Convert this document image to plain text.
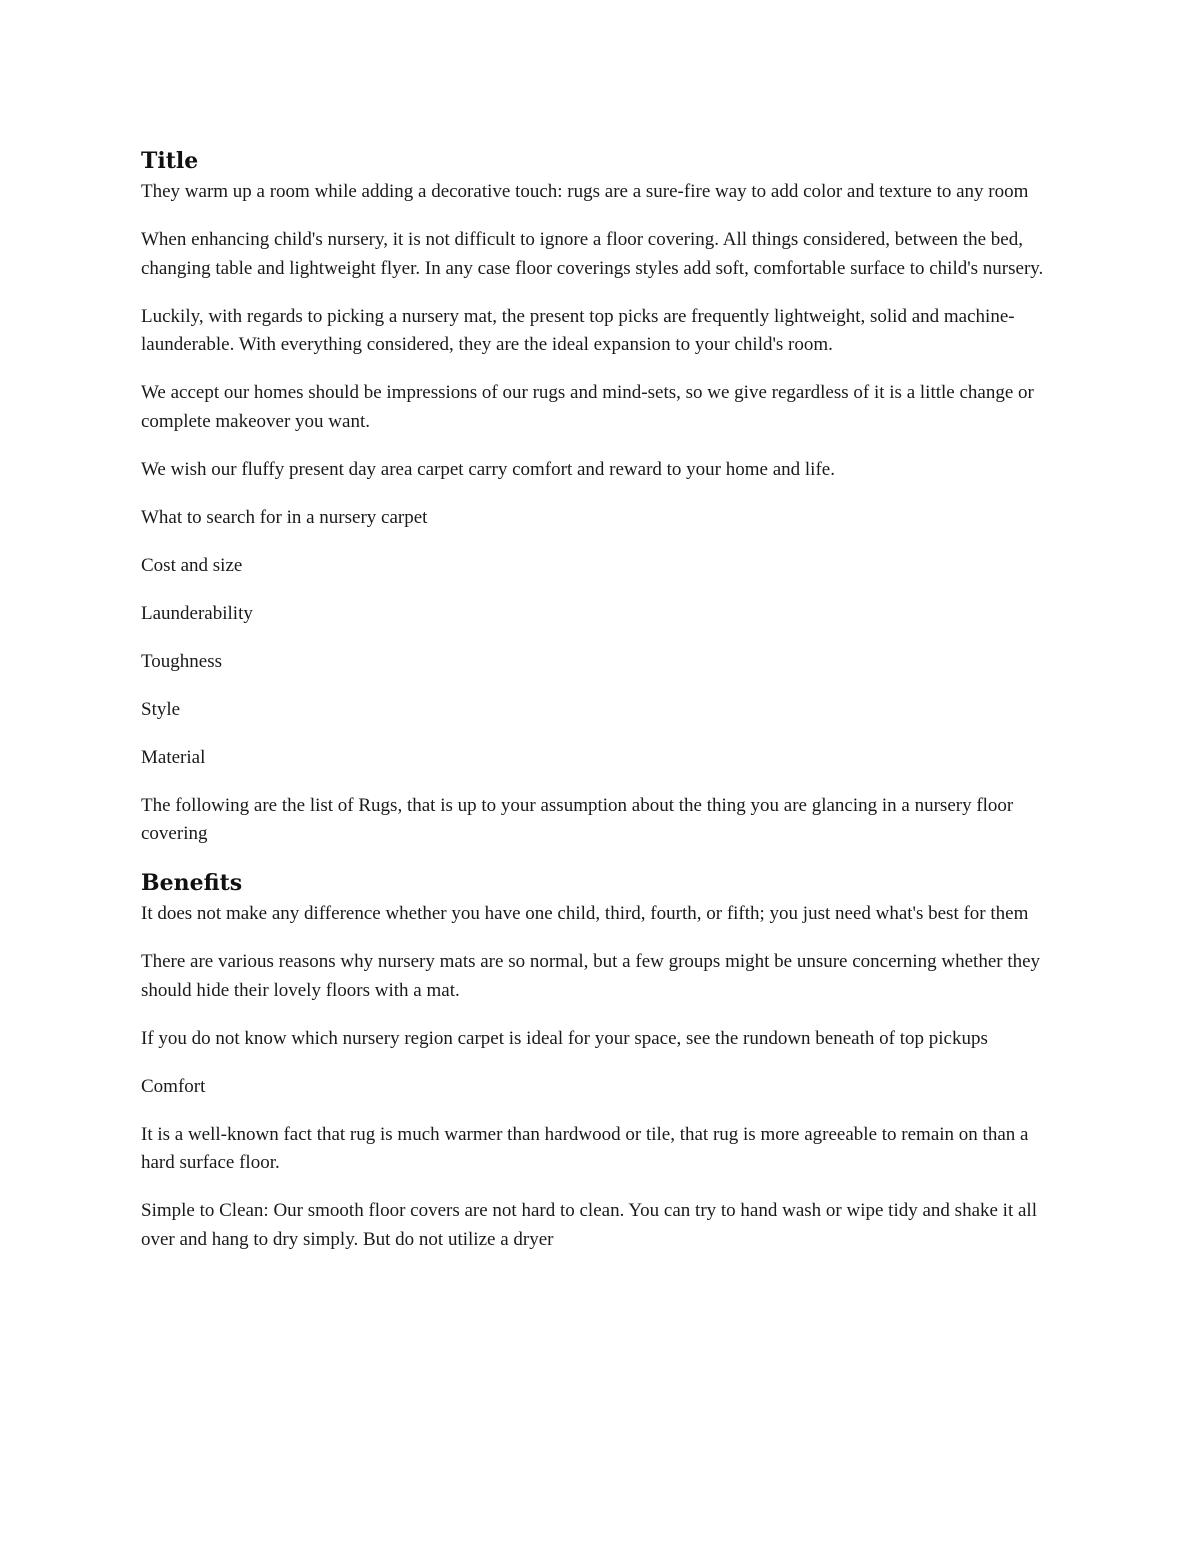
Title

They warm up a room while adding a decorative touch: rugs are a sure-fire way to add color and texture to any room

When enhancing child's nursery, it is not difficult to ignore a floor covering. All things considered, between the bed, changing table and lightweight flyer. In any case floor coverings styles add soft, comfortable surface to child's nursery.

Luckily, with regards to picking a nursery mat, the present top picks are frequently lightweight, solid and machine-launderable. With everything considered, they are the ideal expansion to your child's room.

We accept our homes should be impressions of our rugs and mind-sets, so we give regardless of it is a little change or complete makeover you want.

We wish our fluffy present day area carpet carry comfort and reward to your home and life.

What to search for in a nursery carpet

Cost and size

Launderability

Toughness

Style

Material

The following are the list of Rugs, that is up to your assumption about the thing you are glancing in a nursery floor covering

Benefits

It does not make any difference whether you have one child, third, fourth, or fifth; you just need what's best for them

There are various reasons why nursery mats are so normal, but a few groups might be unsure concerning whether they should hide their lovely floors with a mat.

If you do not know which nursery region carpet is ideal for your space, see the rundown beneath of top pickups

Comfort

It is a well-known fact that rug is much warmer than hardwood or tile, that rug is more agreeable to remain on than a hard surface floor.

Simple to Clean: Our smooth floor covers are not hard to clean. You can try to hand wash or wipe tidy and shake it all over and hang to dry simply. But do not utilize a dryer
